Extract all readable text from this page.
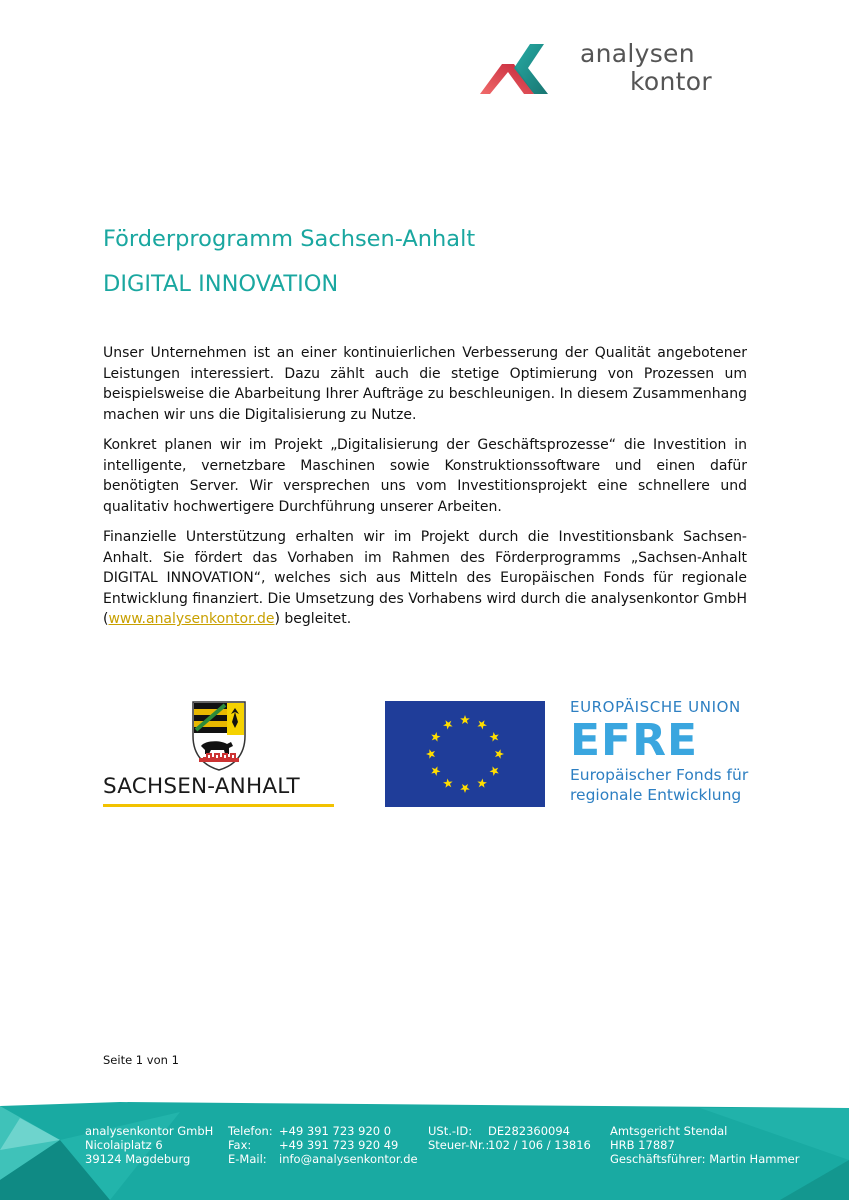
analysen
kontor
Förderprogramm Sachsen-Anhalt
DIGITAL INNOVATION

Unser Unternehmen ist an einer kontinuierlichen Verbesserung der Qualität angebotener Leistungen interessiert. Dazu zählt auch die stetige Optimierung von Prozessen um beispielsweise die Abarbeitung Ihrer Aufträge zu beschleunigen. In diesem Zusammenhang machen wir uns die Digitalisierung zu Nutze.

Konkret planen wir im Projekt „Digitalisierung der Geschäftsprozesse“ die Investition in intelligente, vernetzbare Maschinen sowie Konstruktionssoftware und einen dafür benötigten Server. Wir versprechen uns vom Investitionsprojekt eine schnellere und qualitativ hochwertigere Durchführung unserer Arbeiten.

Finanzielle Unterstützung erhalten wir im Projekt durch die Investitionsbank Sachsen-Anhalt. Sie fördert das Vorhaben im Rahmen des Förderprogramms „Sachsen-Anhalt DIGITAL INNOVATION“, welches sich aus Mitteln des Europäischen Fonds für regionale Entwicklung finanziert. Die Umsetzung des Vorhabens wird durch die analysenkontor GmbH (www.analysenkontor.de) begleitet.

SACHSEN-ANHALT
EUROPÄISCHE UNION
EFRE
Europäischer Fonds für
regionale Entwicklung
Seite 1 von 1
analysenkontor GmbH
Nicolaiplatz 6
39124 Magdeburg
Telefon: +49 391 723 920 0
Fax: +49 391 723 920 49
E-Mail: info@analysenkontor.de
USt.-ID: DE282360094
Steuer-Nr.:102 / 106 / 13816
Amtsgericht Stendal
HRB 17887
Geschäftsführer: Martin Hammer
